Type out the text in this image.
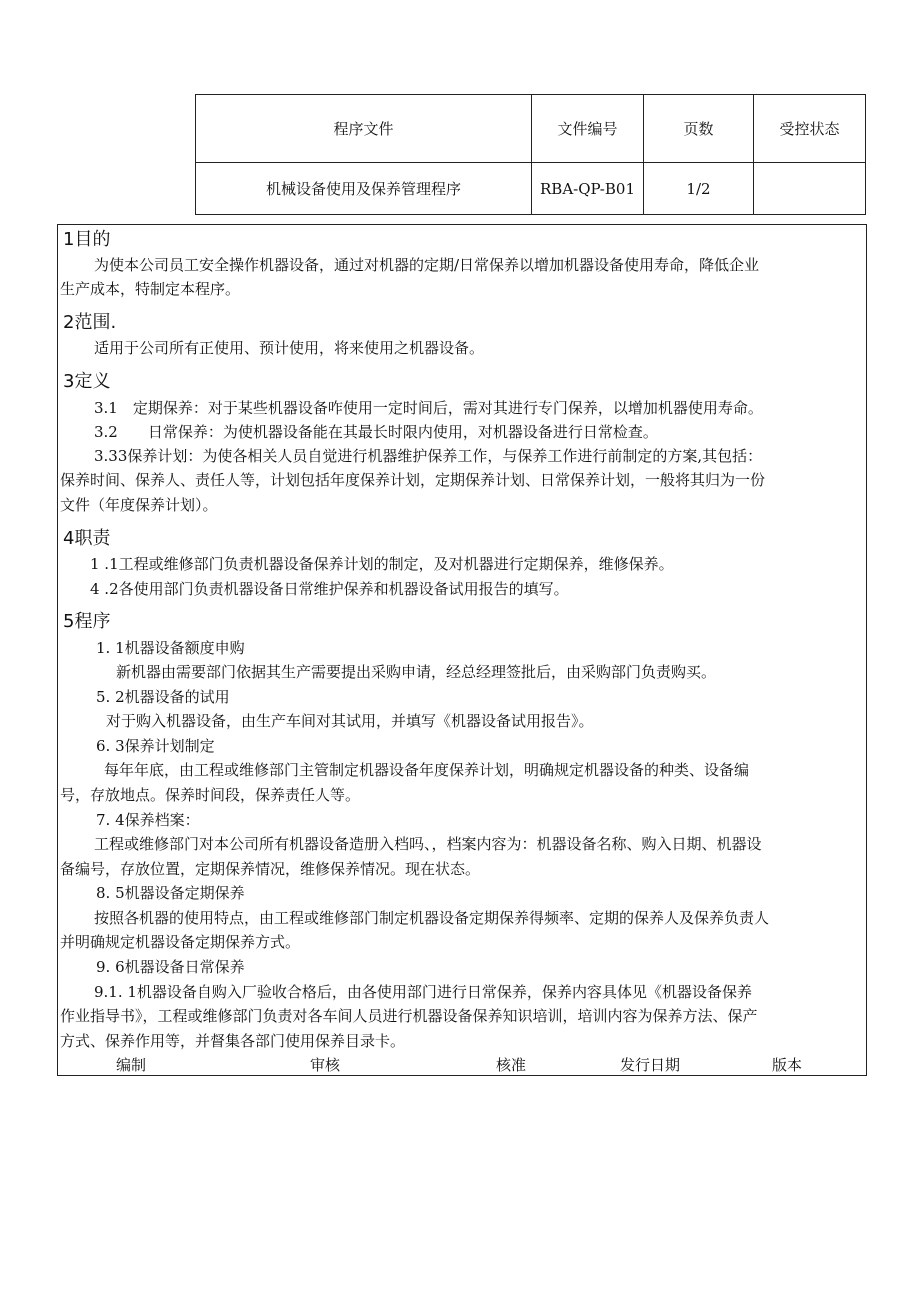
程序文件	文件编号	页数	受控状态
机械设备使用及保养管理程序	RBA-QP-B01	1/2	
1目的
为使本公司员工安全操作机器设备，通过对机器的定期/日常保养以增加机器设备使用寿命，降低企业
生产成本，特制定本程序。
2范围.
适用于公司所有正使用、预计使用，将来使用之机器设备。
3定义
3.1　定期保养：对于某些机器设备咋使用一定时间后，需对其进行专门保养，以增加机器使用寿命。
3.2　　日常保养：为使机器设备能在其最长时限内使用，对机器设备进行日常检查。
3.33保养计划：为使各相关人员自觉进行机器维护保养工作，与保养工作进行前制定的方案,其包括：
保养时间、保养人、责任人等，计划包括年度保养计划，定期保养计划、日常保养计划，一般将其归为一份
文件（年度保养计划）。
4职责
1 .1工程或维修部门负责机器设备保养计划的制定，及对机器进行定期保养，维修保养。
4 .2各使用部门负责机器设备日常维护保养和机器设备试用报告的填写。
5程序
1. 1机器设备额度申购
新机器由需要部门依据其生产需要提出采购申请，经总经理签批后，由采购部门负责购买。
5. 2机器设备的试用
对于购入机器设备，由生产车间对其试用，并填写《机器设备试用报告》。
6. 3保养计划制定
每年年底，由工程或维修部门主管制定机器设备年度保养计划，明确规定机器设备的种类、设备编
号，存放地点。保养时间段，保养责任人等。
7. 4保养档案：
工程或维修部门对本公司所有机器设备造册入档吗、，档案内容为：机器设备名称、购入日期、机器设
备编号，存放位置，定期保养情况，维修保养情况。现在状态。
8. 5机器设备定期保养
按照各机器的使用特点，由工程或维修部门制定机器设备定期保养得频率、定期的保养人及保养负责人
并明确规定机器设备定期保养方式。
9. 6机器设备日常保养
9.1. 1机器设备自购入厂验收合格后，由各使用部门进行日常保养，保养内容具体见《机器设备保养
作业指导书》，工程或维修部门负责对各车间人员进行机器设备保养知识培训，培训内容为保养方法、保产
方式、保养作用等，并督集各部门使用保养目录卡。
编制	审核	核准	发行日期	版本
